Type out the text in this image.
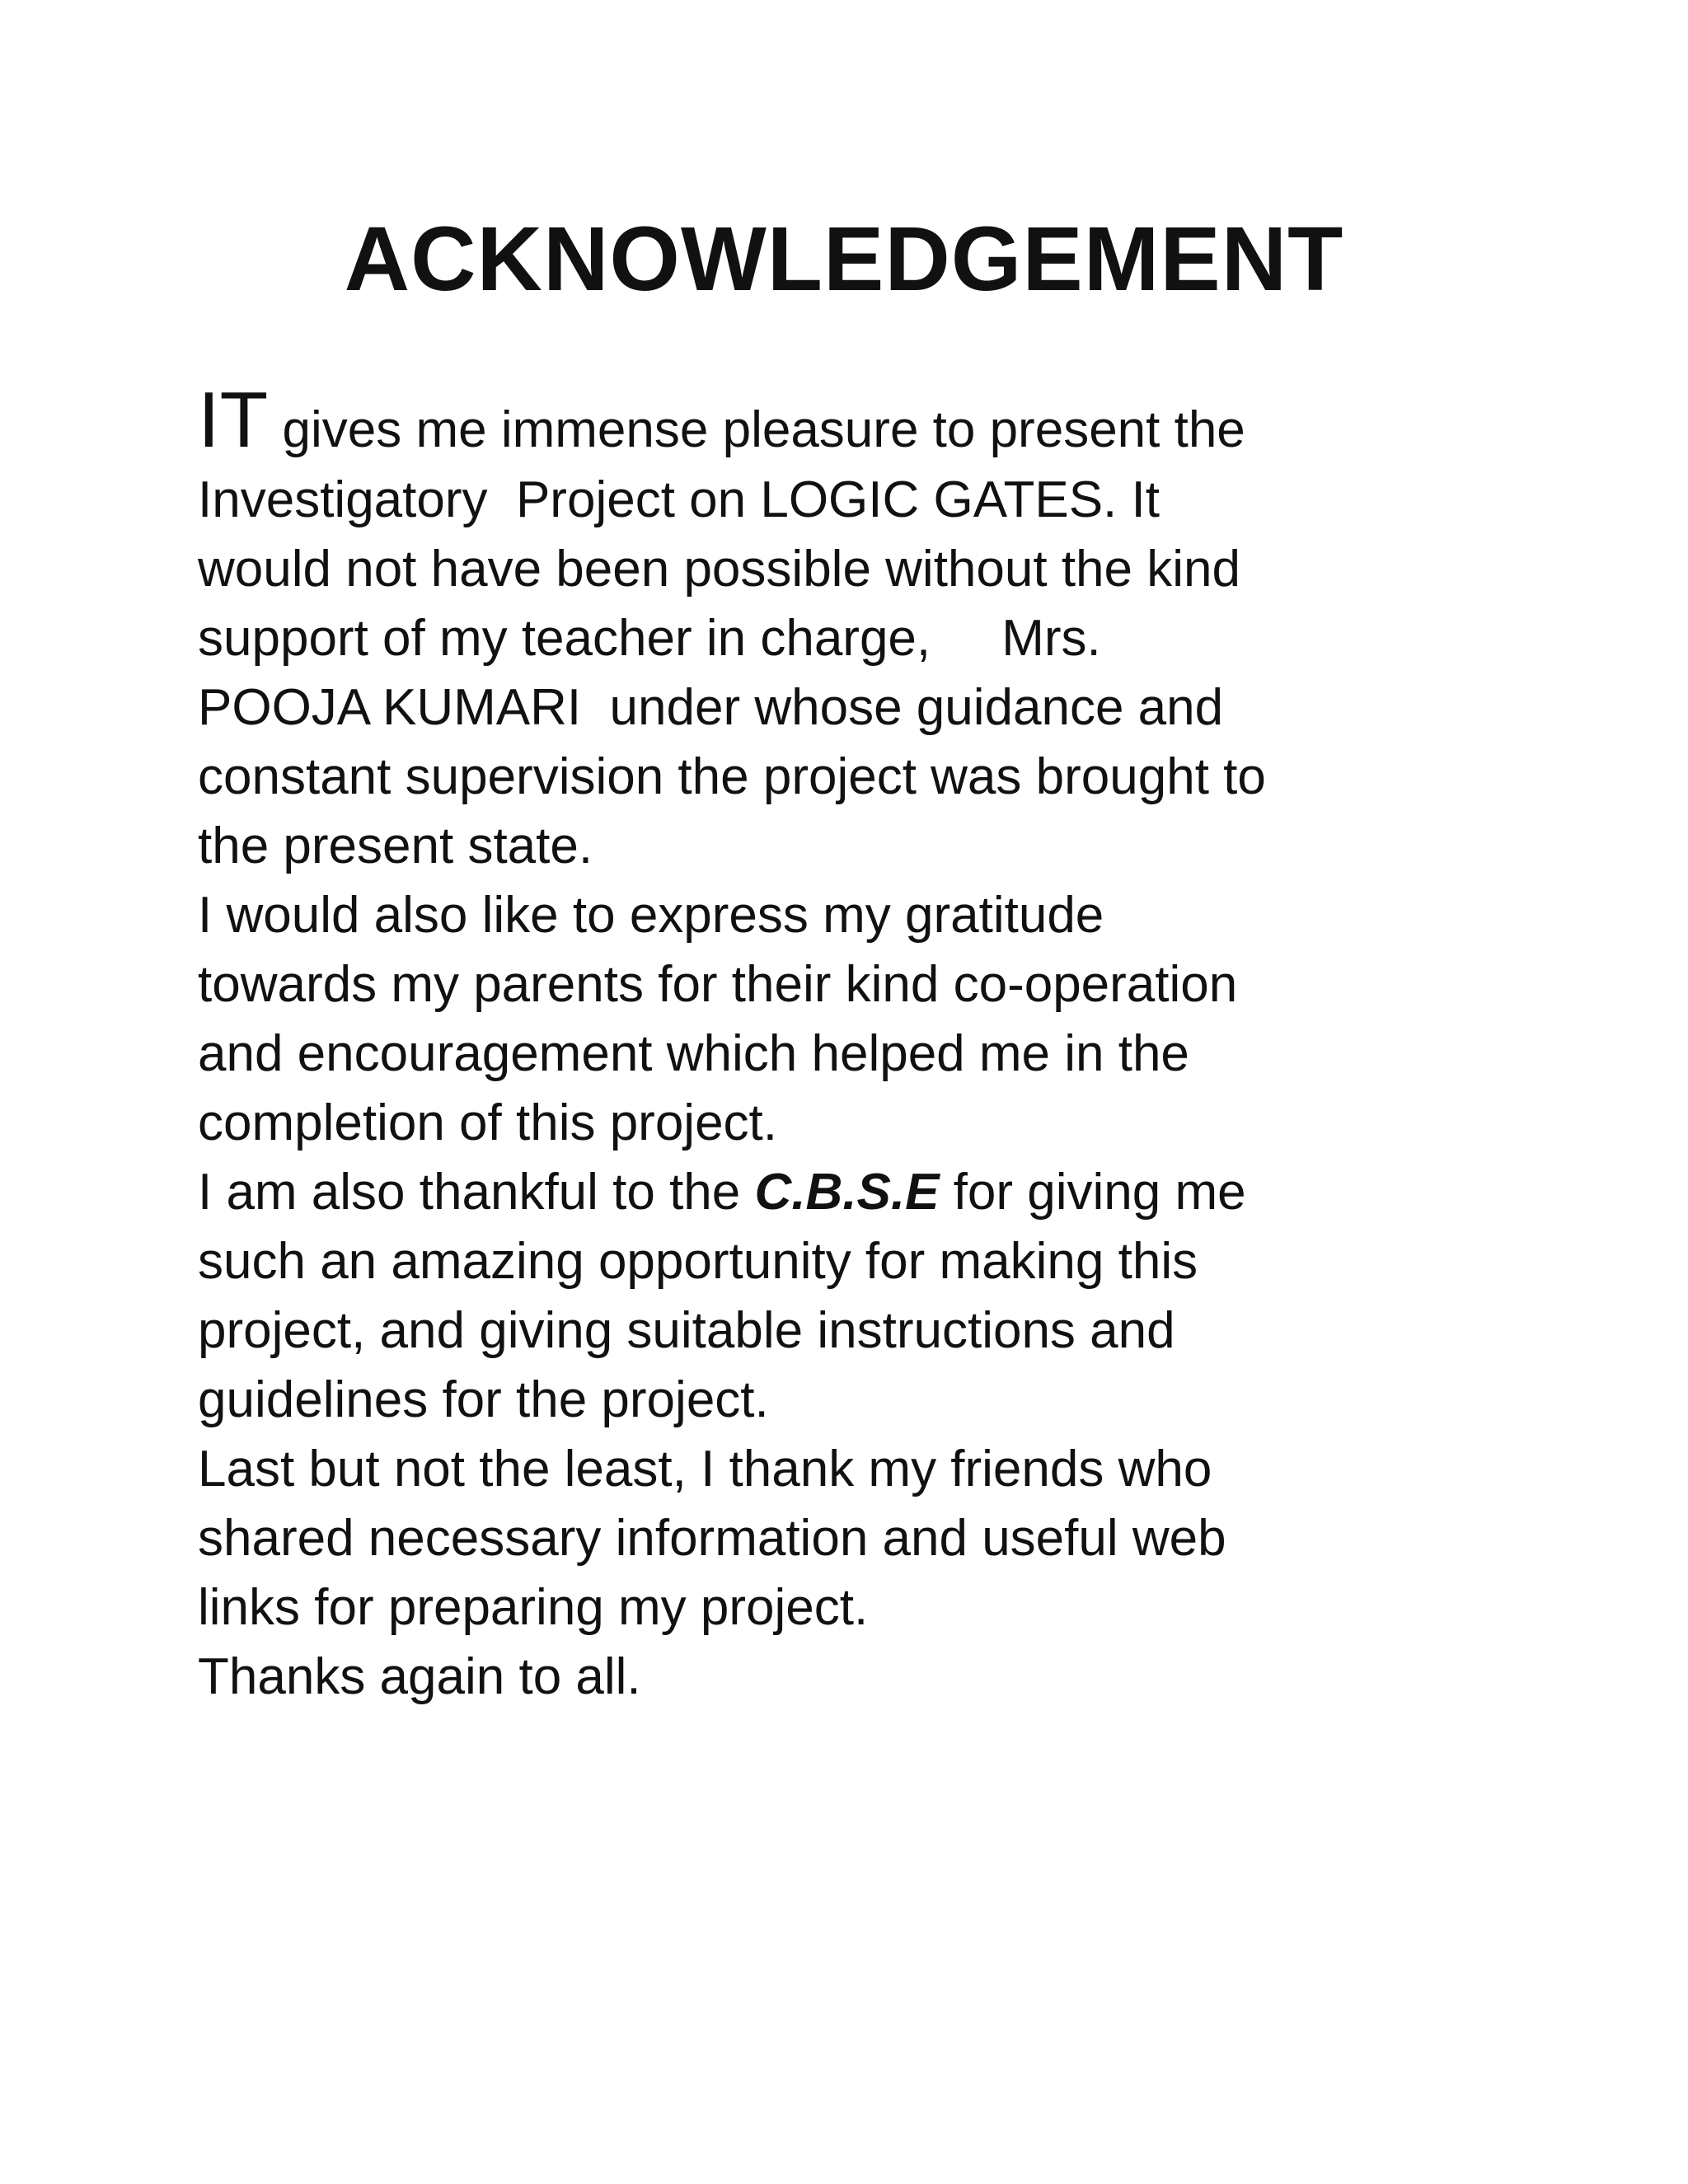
ACKNOWLEDGEMENT
IT gives me immense pleasure to present the
Investigatory  Project on LOGIC GATES. It
would not have been possible without the kind
support of my teacher in charge,     Mrs.
POOJA KUMARI  under whose guidance and
constant supervision the project was brought to
the present state.
I would also like to express my gratitude
towards my parents for their kind co-operation
and encouragement which helped me in the
completion of this project.
I am also thankful to the C.B.S.E for giving me
such an amazing opportunity for making this
project, and giving suitable instructions and
guidelines for the project.
Last but not the least, I thank my friends who
shared necessary information and useful web
links for preparing my project.
Thanks again to all.
